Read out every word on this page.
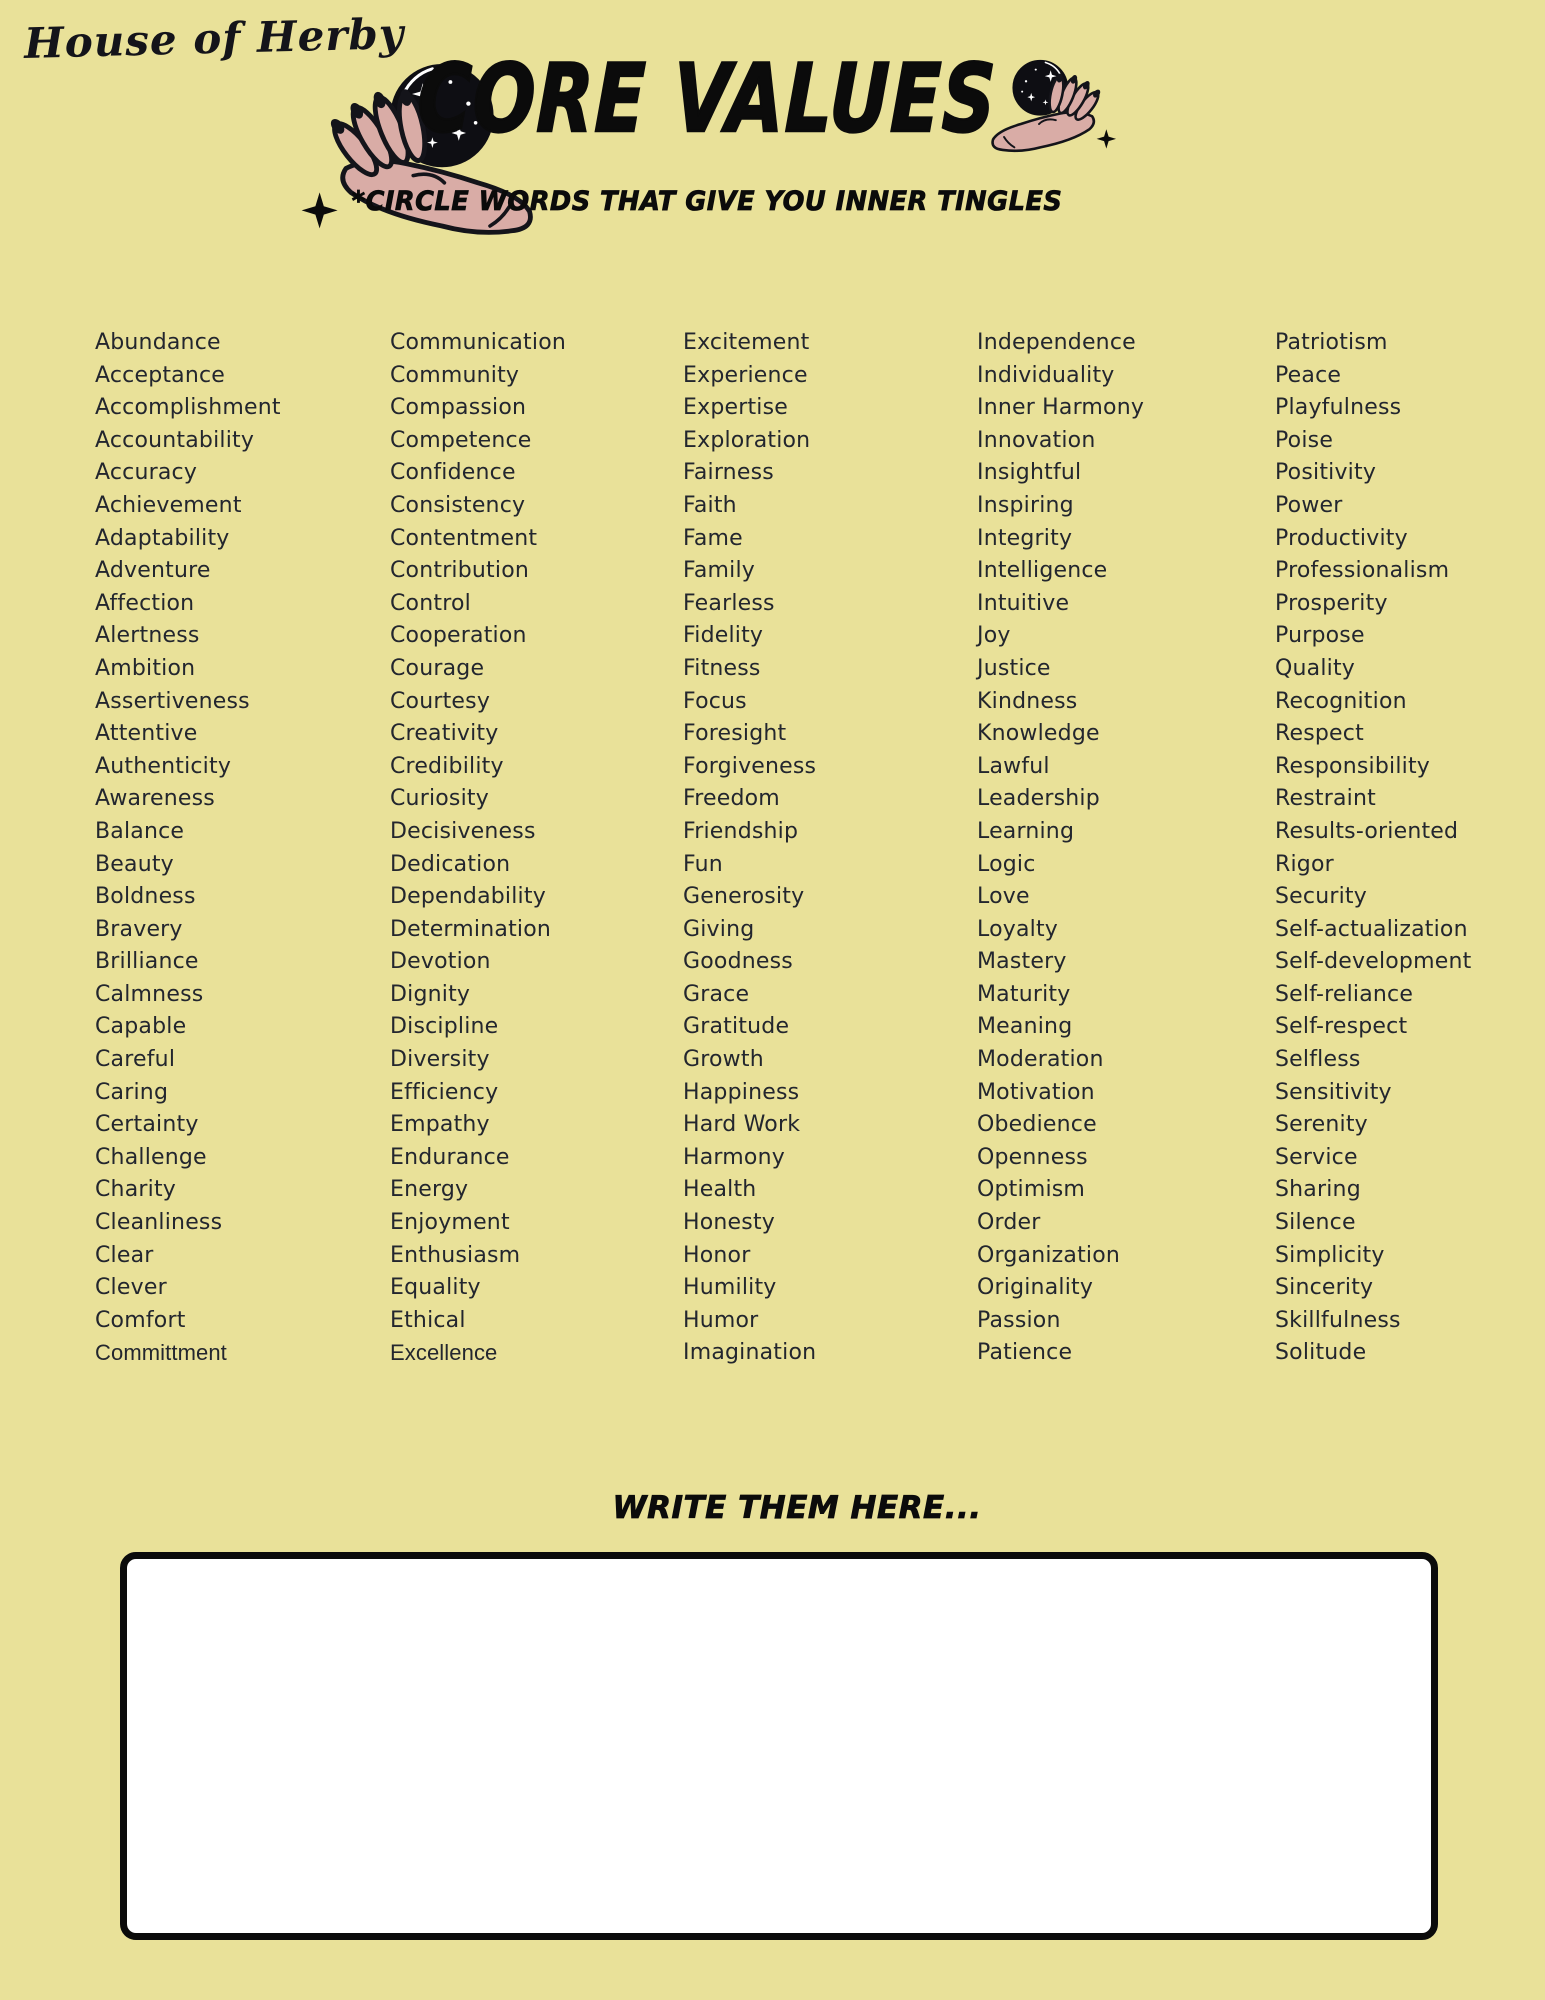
House of Herby
CORE VALUES
*CIRCLE WORDS THAT GIVE YOU INNER TINGLES
Abundance
Acceptance
Accomplishment
Accountability
Accuracy
Achievement
Adaptability
Adventure
Affection
Alertness
Ambition
Assertiveness
Attentive
Authenticity
Awareness
Balance
Beauty
Boldness
Bravery
Brilliance
Calmness
Capable
Careful
Caring
Certainty
Challenge
Charity
Cleanliness
Clear
Clever
Comfort
Committment
Communication
Community
Compassion
Competence
Confidence
Consistency
Contentment
Contribution
Control
Cooperation
Courage
Courtesy
Creativity
Credibility
Curiosity
Decisiveness
Dedication
Dependability
Determination
Devotion
Dignity
Discipline
Diversity
Efficiency
Empathy
Endurance
Energy
Enjoyment
Enthusiasm
Equality
Ethical
Excellence
Excitement
Experience
Expertise
Exploration
Fairness
Faith
Fame
Family
Fearless
Fidelity
Fitness
Focus
Foresight
Forgiveness
Freedom
Friendship
Fun
Generosity
Giving
Goodness
Grace
Gratitude
Growth
Happiness
Hard Work
Harmony
Health
Honesty
Honor
Humility
Humor
Imagination
Independence
Individuality
Inner Harmony
Innovation
Insightful
Inspiring
Integrity
Intelligence
Intuitive
Joy
Justice
Kindness
Knowledge
Lawful
Leadership
Learning
Logic
Love
Loyalty
Mastery
Maturity
Meaning
Moderation
Motivation
Obedience
Openness
Optimism
Order
Organization
Originality
Passion
Patience
Patriotism
Peace
Playfulness
Poise
Positivity
Power
Productivity
Professionalism
Prosperity
Purpose
Quality
Recognition
Respect
Responsibility
Restraint
Results-oriented
Rigor
Security
Self-actualization
Self-development
Self-reliance
Self-respect
Selfless
Sensitivity
Serenity
Service
Sharing
Silence
Simplicity
Sincerity
Skillfulness
Solitude
WRITE THEM HERE...
